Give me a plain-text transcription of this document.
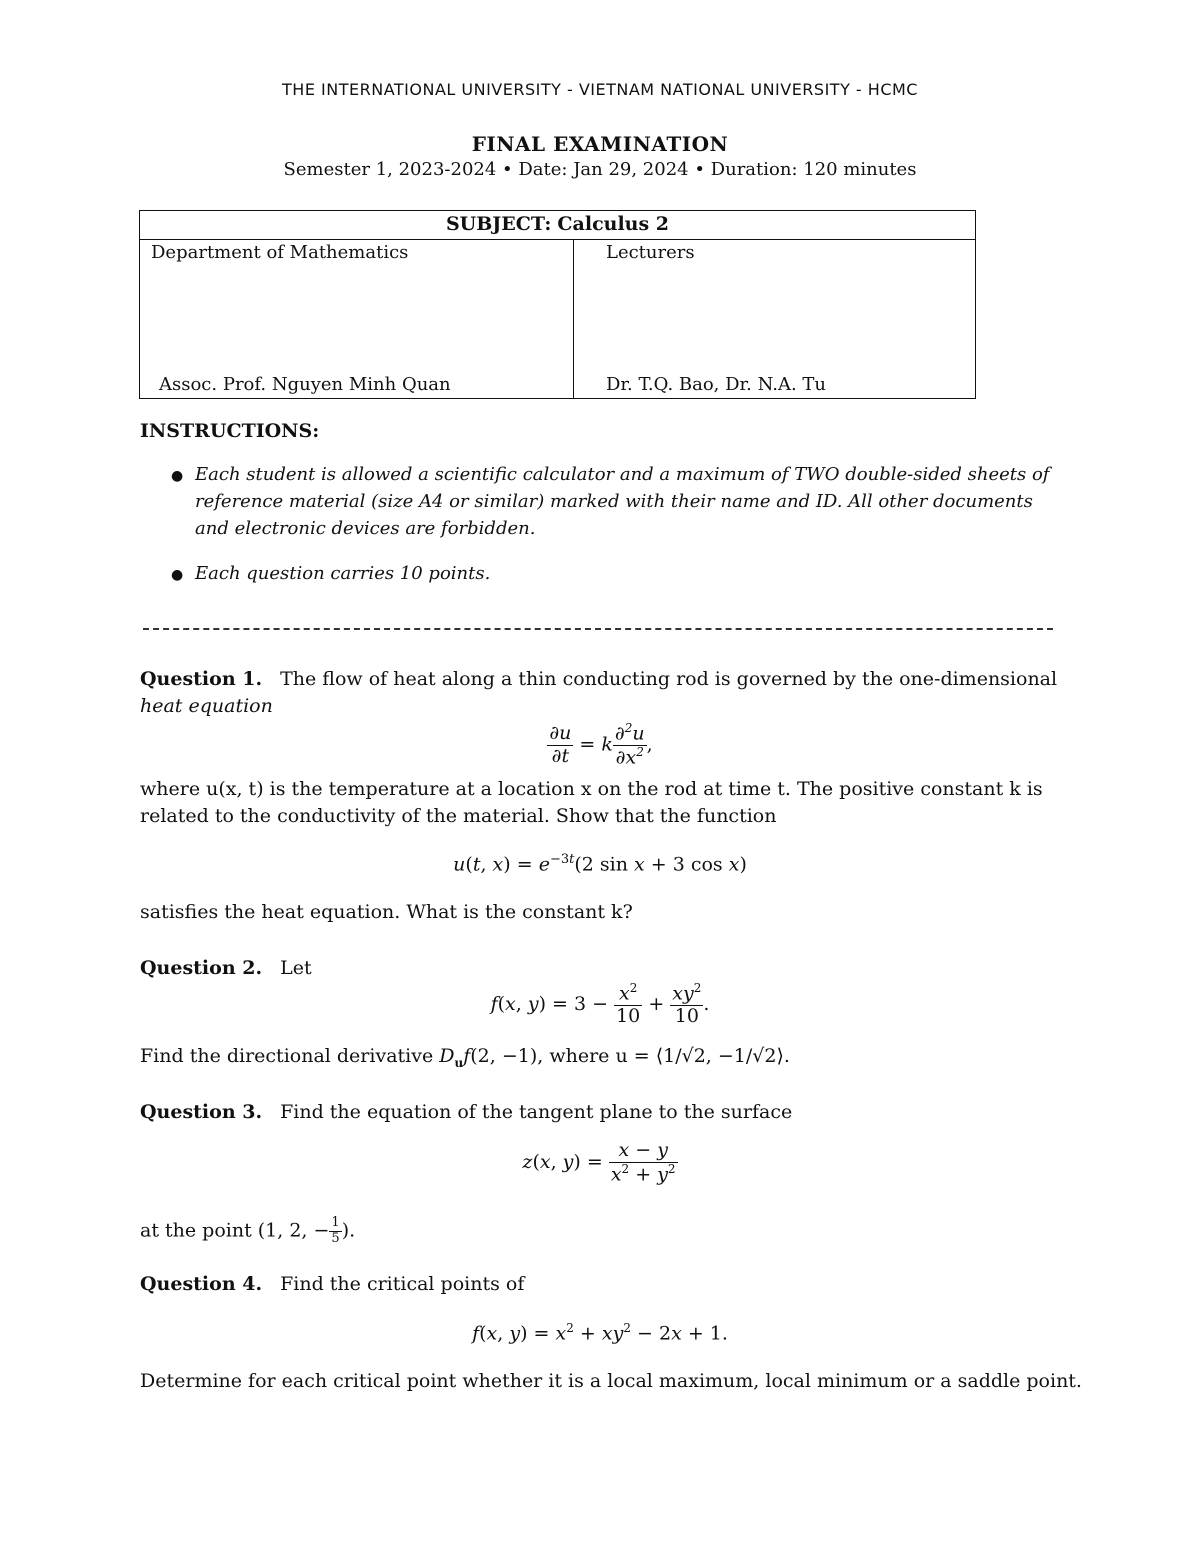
THE INTERNATIONAL UNIVERSITY - VIETNAM NATIONAL UNIVERSITY - HCMC
FINAL EXAMINATION
Semester 1, 2023-2024 • Date: Jan 29, 2024 • Duration: 120 minutes
SUBJECT: Calculus 2
Department of Mathematics	Lecturers
Assoc. Prof. Nguyen Minh Quan	Dr. T.Q. Bao, Dr. N.A. Tu
INSTRUCTIONS:
● Each student is allowed a scientific calculator and a maximum of TWO double-sided sheets of
reference material (size A4 or similar) marked with their name and ID. All other documents
and electronic devices are forbidden.
● Each question carries 10 points.
Question 1. The flow of heat along a thin conducting rod is governed by the one-dimensional
heat equation
$\frac{\partial u}{\partial t} = k \frac{\partial^2u}{\partial x^2}$ ,
where u(x, t) is the temperature at a location x on the rod at time t. The positive constant k is
related to the conductivity of the material. Show that the function
u(t, $x) = e^{-3t}(2$ sin x + 3 cos x)
satisfies the heat equation. What is the constant k?
Question 2. Let
f(x, $y) = 3 - \frac{x^2}{10} + \frac{xy^2}{10}$ .
Find the directional derivative $D_uf(2$, −1), where u = ⟨1/√2, −1/√2⟩.
Question 3. Find the equation of the tangent plane to the surface
z(x, $y) = \frac{x - y}{x^2 + y^2}$
at the point (1, 2, − $\frac{1}{5}$ ).
Question 4. Find the critical points of
f(x, $y) = x^2 + xy^2 - 2x + 1$.
Determine for each critical point whether it is a local maximum, local minimum or a saddle point.
